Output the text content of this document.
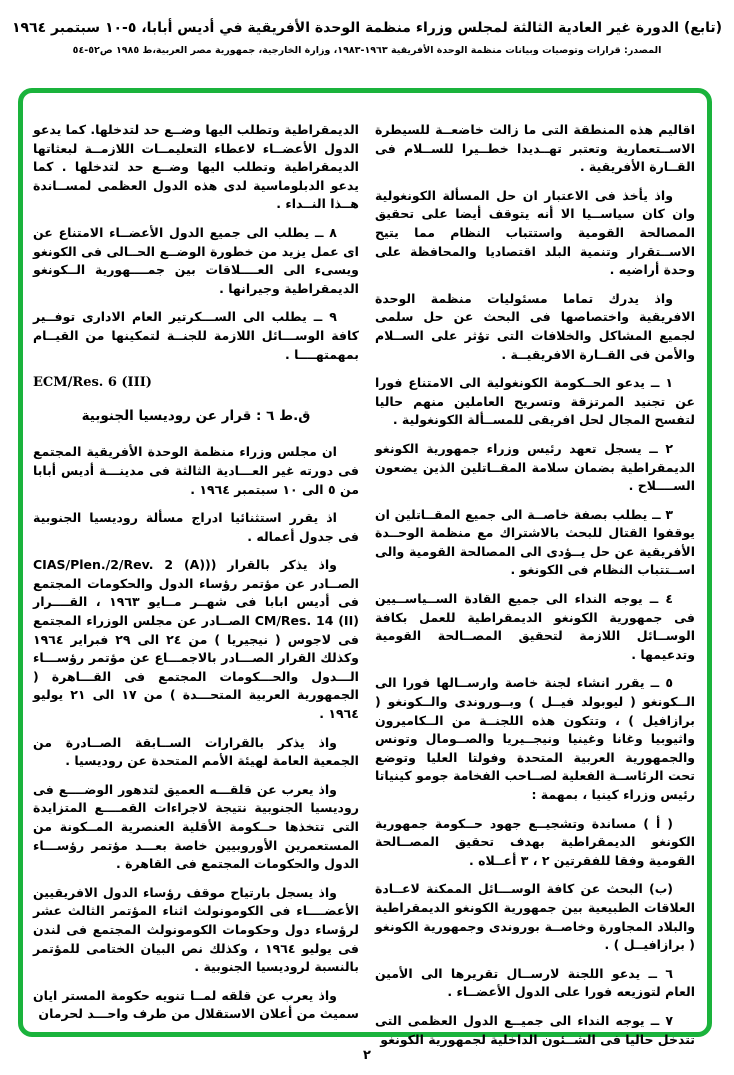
(تابع) الدورة غير العادية الثالثة لمجلس وزراء منظمة الوحدة الأفريقية في أديس أبابا، ٥-١٠ سبتمبر ١٩٦٤
المصدر: قرارات وتوصيات وبيانات منظمة الوحدة الأفريقية ١٩٦٣-١٩٨٣، وزارة الخارجية، جمهورية مصر العربية،ط ١٩٨٥ ص٥٢-٥٤
الديمقراطية وتطلب اليها وضــع حد لتدخلها. كما يدعو الدول الأعضــاء لاعطاء التعليمــات اللازمــة لبعثاتها الديمقراطية وتطلب اليها وضــع حد لتدخلها . كما يدعو الدبلوماسية لدى هذه الدول العظمى لمســاندة هــذا النــداء .
٨ ــ يطلب الى جميع الدول الأعضــاء الامتناع عن اى عمل يزيد من خطورة الوضــع الحــالى فى الكونغو ويسىء الى العــــلاقات بين جمــــهورية الــكونغو الديمقراطية وجيرانها .
٩ ــ يطلب الى الســـكرتير العام الادارى توفــير كافة الوســـائل اللازمة للجنــة لتمكينها من القيــام بمهمتهــــا .
ECM/Res. 6 (III)
ق.ط ٦ : قرار عن روديسيا الجنوبية
ان مجلس وزراء منظمة الوحدة الأفريقية المجتمع فى دورته غير العـــادية الثالثة فى مدينـــة أديس أبابا من ٥ الى ١٠ سبتمبر ١٩٦٤ .
اذ يقرر استثنائيا ادراج مسألة روديسيا الجنوبية فى جدول أعماله .
واذ يذكر بالقرار ((CIAS/Plen./2/Rev. 2 (A) الصــادر عن مؤتمر رؤساء الدول والحكومات المجتمع فى أديس ابابا فى شهــر مــايو ١٩٦٣ ، القــــرار CM/Res. 14 (II) الصــادر عن مجلس الوزراء المجتمع فى لاجوس ( نيجيريا ) من ٢٤ الى ٢٩ فبراير ١٩٦٤ وكذلك القرار الصـــادر بالاجمـــاع عن مؤتمر رؤســـاء الـــدول والحـــكومات المجتمع فى القـــاهرة ( الجمهورية العربية المتحـــدة ) من ١٧ الى ٢١ يوليو ١٩٦٤ .
واذ يذكر بالقرارات الســابقة الصــادرة من الجمعية العامة لهيئة الأمم المتحدة عن روديسيا .
واذ يعرب عن قلقـــه العميق لتدهور الوضــــع فى روديسيا الجنوبية نتيجة لاجراءات القمــــع المتزايدة التى تتخذها حــكومة الأقلية العنصرية المــكونة من المستعمرين الأوروبيين خاصة بعـــد مؤتمر رؤســـاء الدول والحكومات المجتمع فى القاهرة .
واذ يسجل بارتياح موقف رؤساء الدول الافريقيين الأعضــــاء فى الكومونولث اثناء المؤتمر الثالث عشر لرؤساء دول وحكومات الكومونولث المجتمع فى لندن فى يوليو ١٩٦٤ ، وكذلك نص البيان الختامى للمؤتمر بالنسبة لروديسيا الجنوبية .
واذ يعرب عن قلقه لمــا تنويه حكومة المستر ايان سميث من أعلان الاستقلال من طرف واحـــد لحرمان
اقاليم هذه المنطقة التى ما زالت خاضعــة للسيطرة الاســتعمارية وتعتبر تهــديدا خطــيرا للســلام فى القــارة الأفريقية .
واذ يأخذ فى الاعتبار ان حل المسألة الكونغولية وان كان سياســيا الا أنه يتوقف أيضا على تحقيق المصالحة القومية واستتباب النظام مما يتيح الاســتقرار وتنمية البلد اقتصاديا والمحافظة على وحدة أراضيه .
واذ يدرك تماما مسئوليات منظمة الوحدة الافريقية واختصاصها فى البحث عن حل سلمى لجميع المشاكل والخلافات التى تؤثر على الســلام والأمن فى القــارة الافريقيــة .
١ ــ يدعو الحــكومة الكونغولية الى الامتناع فورا عن تجنيد المرتزقة وتسريح العاملين منهم حاليا لتفسح المجال لحل افريقى للمســألة الكونغولية .
٢ ــ يسجل تعهد رئيس وزراء جمهورية الكونغو الديمقراطية بضمان سلامة المقــاتلين الذين يضعون الســــلاح .
٣ ــ يطلب بصفة خاصــة الى جميع المقــاتلين ان يوقفوا القتال للبحث بالاشتراك مع منظمة الوحــدة الأفريقية عن حل يــؤدى الى المصالحة القومية والى اســتتباب النظام فى الكونغو .
٤ ــ يوجه النداء الى جميع القادة الســياســيين فى جمهورية الكونغو الديمقراطية للعمل بكافة الوســائل اللازمة لتحقيق المصــالحة القومية وتدعيمها .
٥ ــ يقرر انشاء لجنة خاصة وارســالها فورا الى الــكونغو ( ليوبولد فيــل ) وبــوروندى والــكونغو ( برازافيل ) ، وتتكون هذه اللجنــة من الــكاميرون واثيوبيا وغانا وغينيا ونيجــيريا والصــومال وتونس والجمهورية العربية المتحدة وفولتا العليا وتوضع تحت الرئاســة الفعلية لصــاحب الفخامة جومو كينياتا رئيس وزراء كينيا ، بمهمة :
( أ ) مساندة وتشجيــع جهود حــكومة جمهورية الكونغو الديمقراطية بهدف تحقيق المصــالحة القومية وفقا للفقرتين ٢ ، ٣ أعــلاه .
(ب) البحث عن كافة الوســـائل الممكنة لاعــادة العلاقات الطبيعية بين جمهورية الكونغو الديمقراطية والبلاد المجاورة وخاصــة بوروندى وجمهورية الكونغو ( برازافيــل ) .
٦ ــ يدعو اللجنة لارســال تقريرها الى الأمين العام لتوزيعه فورا على الدول الأعضــاء .
٧ ــ يوجه النداء الى جميــع الدول العظمى التى تتدخل حاليا فى الشــئون الداخلية لجمهورية الكونغو
٢
